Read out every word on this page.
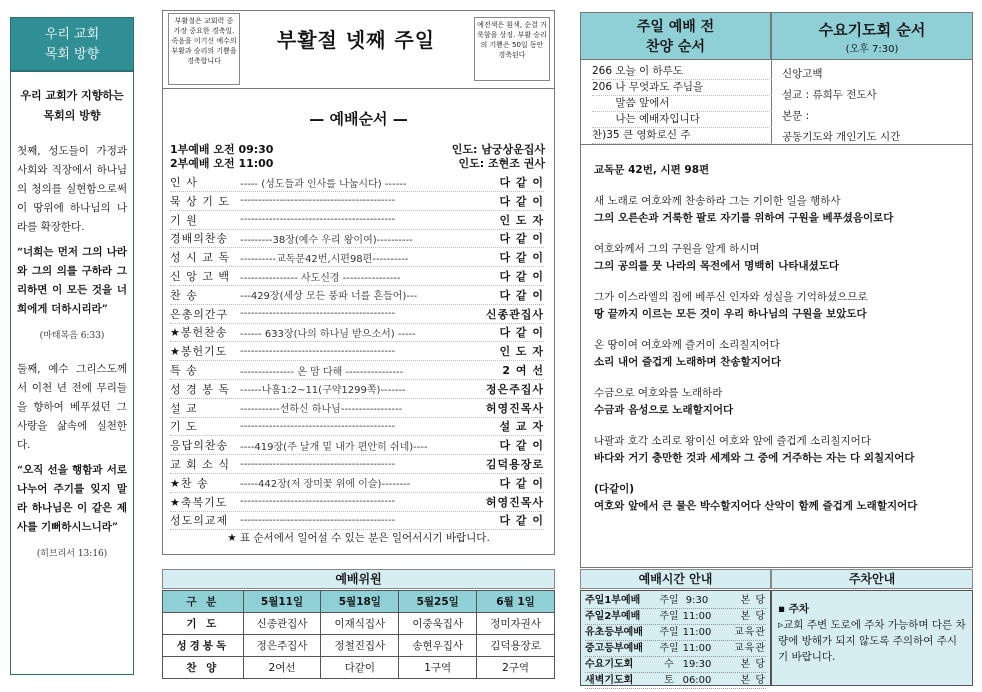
우리 교회
목회 방향
우리 교회가 지향하는 목회의 방향

첫째, 성도들이 가정과 사회와 직장에서 하나님의 청의를 실현함으로써 이 땅위에 하나님의 나라를 확장한다.

“너희는 먼저 그의 나라와 그의 의를 구하라 그리하면 이 모든 것을 너희에게 더하시리라”

(마태복음 6:33)

둘째, 예수 그리스도께서 이천 년 전에 무리들을 향하여 베푸셨던 그 사랑을 삶속에 실천한다.

“오직 선을 행함과 서로 나누어 주기를 잊지 말라 하나님은 이 같은 제사를 기뻐하시느니라”

(히브리서 13:16)
부활절은 교회력 중 가장 중요한 경축일. 죽음을 이기신 예수의 부활과 승리의 기쁨을 경축합니다
부활절 넷째 주일
예전색은 흰색, 순결 거룩함을 상징. 부활 승리의 기쁨은 50일 동안 경축된다
— 예배순서 —
1부예배 오전 09:30	인도: 남궁상운집사
2부예배 오전 11:00	인도: 조현조 권사
인 사	----- (성도들과 인사를 나눕시다) ------	다 같 이
묵 상 기 도	-------------------------------------------	다 같 이
기 원	-------------------------------------------	인 도 자
경배의찬송	---------38장(예수 우리 왕이여)----------	다 같 이
성 시 교 독	----------교독문42번,시편98편----------	다 같 이
신 앙 고 백	---------------- 사도신경 ----------------	다 같 이
찬 송	---429장(세상 모든 풍파 너를 흔들어)---	다 같 이
은총의간구	-------------------------------------------	신종관집사
★봉헌찬송	------ 633장(나의 하나님 받으소서) -----	다 같 이
★봉헌기도	-------------------------------------------	인 도 자
특 송	--------------- 온 맘 다해 ----------------	2 여 선
성 경 봉 독	------나훔1:2~11(구약1299쪽)-------	정은주집사
설 교	-----------선하신 하나님-----------------	허영진목사
기 도	-------------------------------------------	설 교 자
응답의찬송	----419장(주 날개 밑 내가 편안히 쉬네)----	다 같 이
교 회 소 식	-------------------------------------------	김덕용장로
★찬 송	-----442장(저 장미꽃 위에 이슬)--------	다 같 이
★축복기도	-------------------------------------------	허영진목사
성도의교제	-------------------------------------------	다 같 이
★ 표 순서에서 일어설 수 있는 분은 일어서시기 바랍니다.
예배위원
구 분	5월11일	5월18일	5월25일	6월 1일
기 도	신종관집사	이재식집사	이중욱집사	정미자권사
성경봉독	정은주집사	정철진집사	송현우집사	김덕용장로
찬 양	2여선	다같이	1구역	2구역
주일 예배 전
찬양 순서
수요기도회 순서
(오후 7:30)
266 오늘 이 하루도
206 나 무엇과도 주님을
말씀 앞에서
나는 예배자입니다
찬)35 큰 영화로신 주
신앙고백
설교 : 류희두 전도사
본문 :
공동기도와 개인기도 시간
교독문 42번, 시편 98편
새 노래로 여호와께 찬송하라 그는 기이한 일을 행하사
그의 오른손과 거룩한 팔로 자기를 위하여 구원을 베푸셨음이로다
여호와께서 그의 구원을 알게 하시며
그의 공의를 뭇 나라의 목전에서 명백히 나타내셨도다
그가 이스라엘의 집에 베푸신 인자와 성실을 기억하셨으므로
땅 끝까지 이르는 모든 것이 우리 하나님의 구원을 보았도다
온 땅이여 여호와께 즐거이 소리칠지어다
소리 내어 즐겁게 노래하며 찬송할지어다
수금으로 여호와를 노래하라
수금과 음성으로 노래할지어다
나팔과 호각 소리로 왕이신 여호와 앞에 즐겁게 소리칠지어다
바다와 거기 충만한 것과 세계와 그 중에 거주하는 자는 다 외칠지어다
(다같이)
여호와 앞에서 큰 물은 박수할지어다 산악이 함께 즐겁게 노래할지어다
예배시간 안내	주차안내
주일1부예배	주일 9:30	본 당
주일2부예배	주일 11:00	본 당
유초등부예배	주일 11:00	교육관
중고등부예배	주일 11:00	교육관
수요기도회	수 19:30	본 당
새벽기도회	토 06:00	본 당
▪ 주차
▹교회 주변 도로에 주차 가능하며 다른 차량에 방해가 되지 않도록 주의하여 주시기 바랍니다.
